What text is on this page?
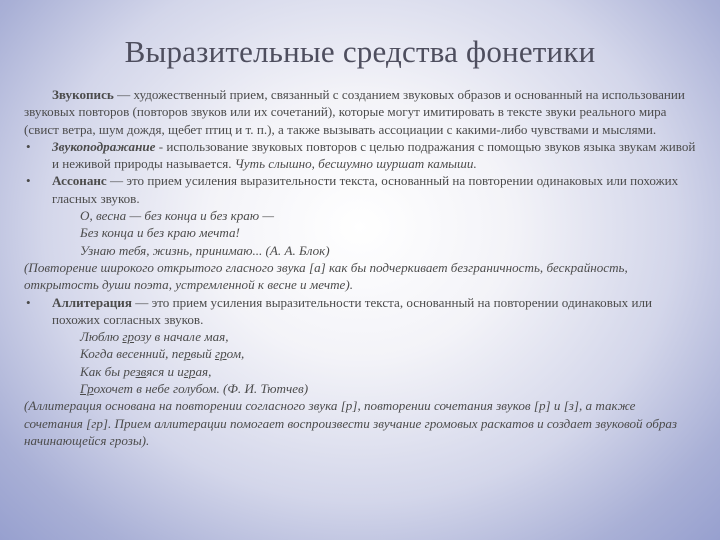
Выразительные средства фонетики

Звукопись — художественный прием, связанный с созданием звуковых образов и основанный на использовании звуковых повторов (повторов звуков или их сочетаний), которые могут имитировать в тексте звуки реального мира (свист ветра, шум дождя, щебет птиц и т. п.), а также вызывать ассоциации с какими-либо чувствами и мыслями.

• Звукоподражание - использование звуковых повторов с целью подражания с помощью звуков языка звукам живой и неживой природы называется. Чуть слышно, бесшумно шуршат камыши.

• Ассонанс — это прием усиления выразительности текста, основанный на повторении одинаковых или похожих гласных звуков.

О, весна — без конца и без краю —

Без конца и без краю мечта!

Узнаю тебя, жизнь, принимаю... (А. А. Блок)

(Повторение широкого открытого гласного звука [а] как бы подчеркивает безграничность, бескрайность, открытость души поэта, устремленной к весне и мечте).

• Аллитерация — это прием усиления выразительности текста, основанный на повторении одинаковых или похожих согласных звуков.

Люблю грозу в начале мая,

Когда весенний, первый гром,

Как бы резвяся и играя,

Грохочет в небе голубом. (Ф. И. Тютчев)

(Аллитерация основана на повторении согласного звука [р], повторении сочетания звуков [р] и [з], а также сочетания [гр]. Прием аллитерации помогает воспроизвести звучание громовых раскатов и создает звуковой образ начинающейся грозы).
